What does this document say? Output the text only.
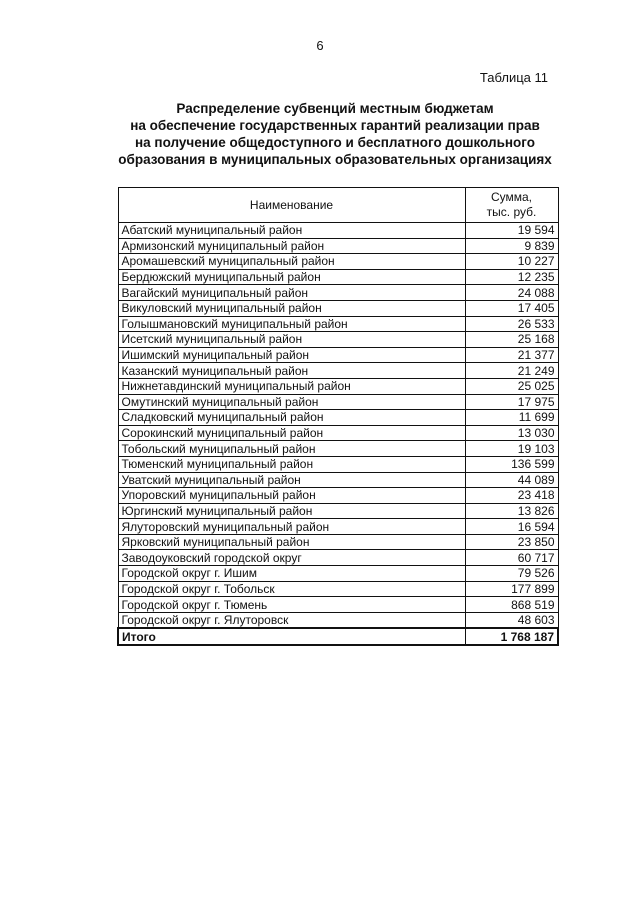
6
Таблица 11
Распределение субвенций местным бюджетам
на обеспечение государственных гарантий реализации прав
на получение общедоступного и бесплатного дошкольного
образования в муниципальных образовательных организациях
Наименование	Сумма,
тыс. руб.
Абатский муниципальный район	19 594
Армизонский муниципальный район	9 839
Аромашевский муниципальный район	10 227
Бердюжский муниципальный район	12 235
Вагайский муниципальный район	24 088
Викуловский муниципальный район	17 405
Голышмановский муниципальный район	26 533
Исетский муниципальный район	25 168
Ишимский муниципальный район	21 377
Казанский муниципальный район	21 249
Нижнетавдинский муниципальный район	25 025
Омутинский муниципальный район	17 975
Сладковский муниципальный район	11 699
Сорокинский муниципальный район	13 030
Тобольский муниципальный район	19 103
Тюменский муниципальный район	136 599
Уватский муниципальный район	44 089
Упоровский муниципальный район	23 418
Юргинский муниципальный район	13 826
Ялуторовский муниципальный район	16 594
Ярковский муниципальный район	23 850
Заводоуковский городской округ	60 717
Городской округ г. Ишим	79 526
Городской округ г. Тобольск	177 899
Городской округ г. Тюмень	868 519
Городской округ г. Ялуторовск	48 603
Итого	1 768 187
